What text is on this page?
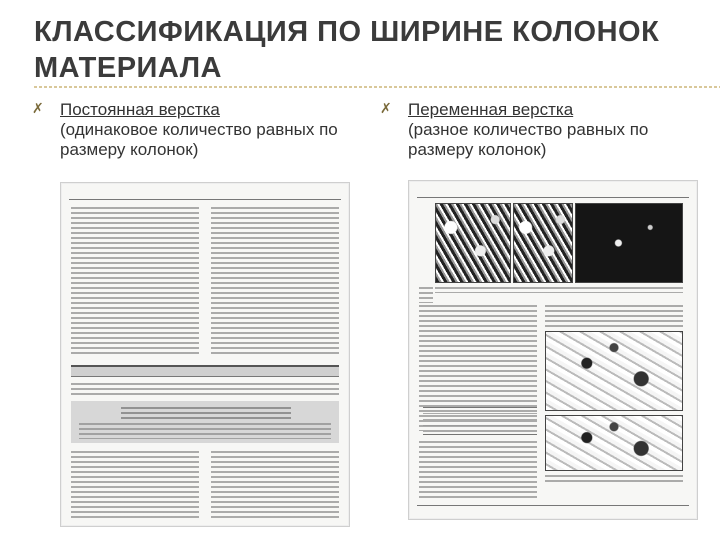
КЛАССИФИКАЦИЯ ПО ШИРИНЕ КОЛОНОК МАТЕРИАЛА
✗ Постоянная верстка
(одинаковое количество равных по размеру колонок)
✗ Переменная верстка
(разное количество равных по размеру колонок)
